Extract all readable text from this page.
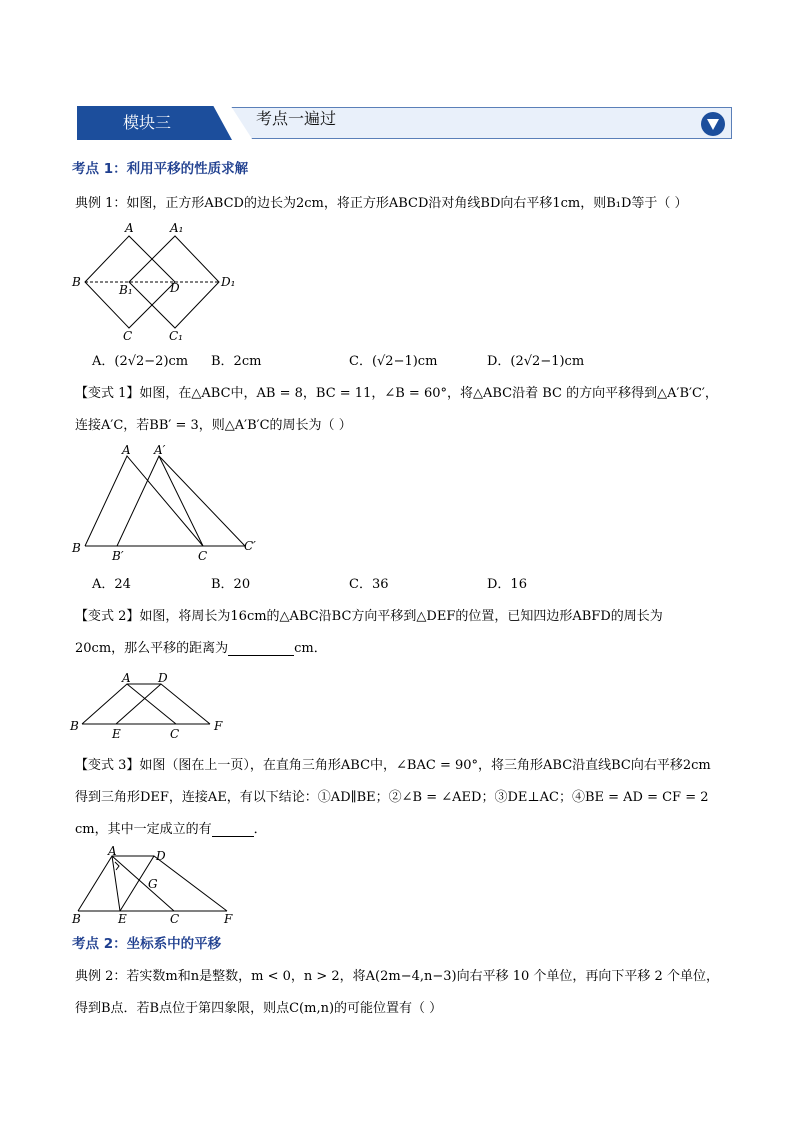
模块三	考点一遍过
考点 1：利用平移的性质求解
典例 1：如图，正方形ABCD的边长为2cm，将正方形ABCD沿对角线BD向右平移1cm，则B₁D等于（ ）
A	A₁
B
B₁	D	D₁
C	C₁
A．(2√2−2)cm B．2cm	C．(√2−1)cm	D．(2√2−1)cm
【变式 1】如图，在△ABC中，AB = 8，BC = 11，∠B = 60°，将△ABC沿着 BC 的方向平移得到△A′B′C′，
连接A′C，若BB′ = 3，则△A′B′C的周长为（ ）
A A′
B
B′	C
C′
A．24	B．20	C．36	D．16
【变式 2】如图，将周长为16cm的△ABC沿BC方向平移到△DEF的位置，已知四边形ABFD的周长为
20cm，那么平移的距离为	cm．
A D
B
E	C
F
【变式 3】如图（图在上一页），在直角三角形ABC中，∠BAC = 90°，将三角形ABC沿直线BC向右平移2cm
得到三角形DEF，连接AE，有以下结论：①AD∥BE；②∠B = ∠AED；③DE⊥AC；④BE = AD = CF = 2
cm，其中一定成立的有	．
A	D
G
B	E	C	F
考点 2：坐标系中的平移
典例 2：若实数m和n是整数，m < 0，n > 2，将A(2m−4,n−3)向右平移 10 个单位，再向下平移 2 个单位，
得到B点．若B点位于第四象限，则点C(m,n)的可能位置有（ ）
